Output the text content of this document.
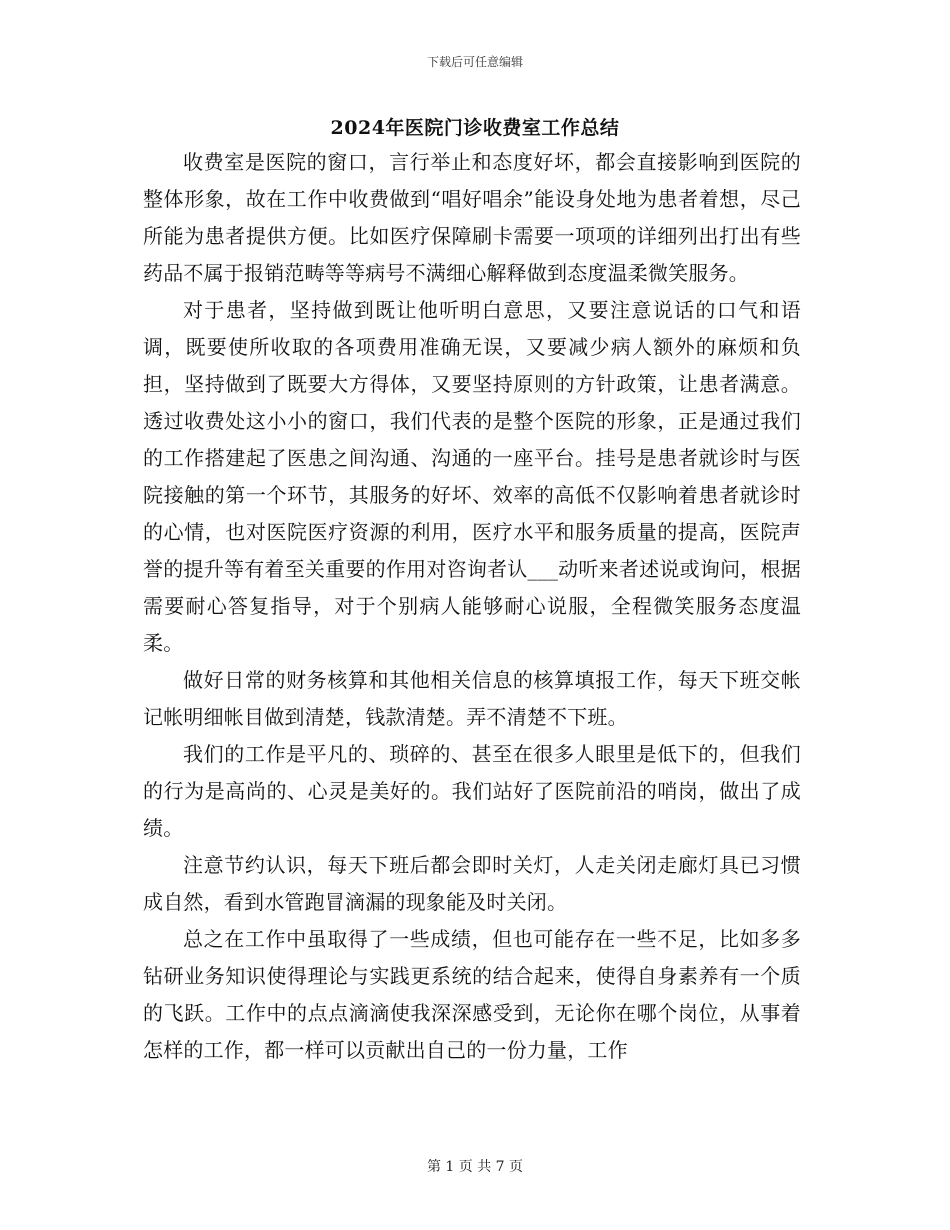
下载后可任意编辑
2024年医院门诊收费室工作总结

收费室是医院的窗口，言行举止和态度好坏，都会直接影响到医院的整体形象，故在工作中收费做到“唱好唱余”能设身处地为患者着想，尽己所能为患者提供方便。比如医疗保障刷卡需要一项项的详细列出打出有些药品不属于报销范畴等等病号不满细心解释做到态度温柔微笑服务。

对于患者，坚持做到既让他听明白意思，又要注意说话的口气和语调，既要使所收取的各项费用准确无误，又要减少病人额外的麻烦和负担，坚持做到了既要大方得体，又要坚持原则的方针政策，让患者满意。透过收费处这小小的窗口，我们代表的是整个医院的形象，正是通过我们的工作搭建起了医患之间沟通、沟通的一座平台。挂号是患者就诊时与医院接触的第一个环节，其服务的好坏、效率的高低不仅影响着患者就诊时的心情，也对医院医疗资源的利用，医疗水平和服务质量的提高，医院声誉的提升等有着至关重要的作用对咨询者认___动听来者述说或询问，根据需要耐心答复指导，对于个别病人能够耐心说服，全程微笑服务态度温柔。

做好日常的财务核算和其他相关信息的核算填报工作，每天下班交帐记帐明细帐目做到清楚，钱款清楚。弄不清楚不下班。

我们的工作是平凡的、琐碎的、甚至在很多人眼里是低下的，但我们的行为是高尚的、心灵是美好的。我们站好了医院前沿的哨岗，做出了成绩。

注意节约认识，每天下班后都会即时关灯，人走关闭走廊灯具已习惯成自然，看到水管跑冒滴漏的现象能及时关闭。

总之在工作中虽取得了一些成绩，但也可能存在一些不足，比如多多钻研业务知识使得理论与实践更系统的结合起来，使得自身素养有一个质的飞跃。工作中的点点滴滴使我深深感受到，无论你在哪个岗位，从事着怎样的工作，都一样可以贡献出自己的一份力量，工作

第 1 页 共 7 页
